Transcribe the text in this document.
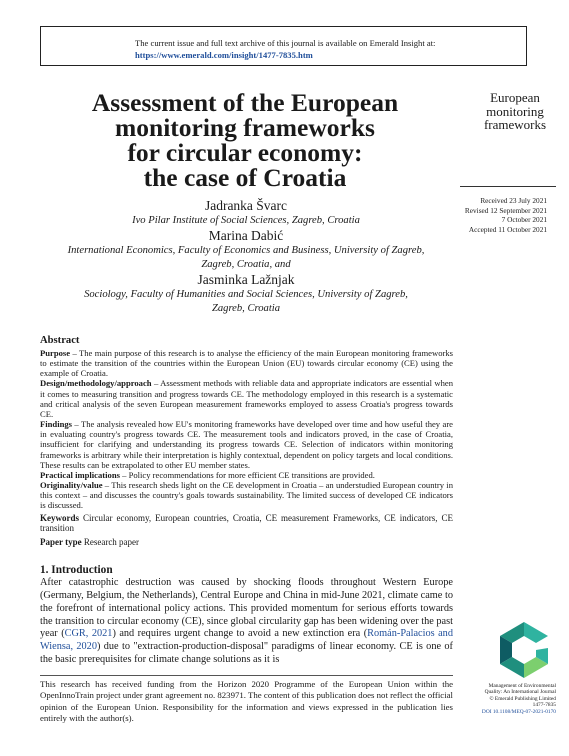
The current issue and full text archive of this journal is available on Emerald Insight at:
https://www.emerald.com/insight/1477-7835.htm
Assessment of the European
monitoring frameworks
for circular economy:
the case of Croatia
European
monitoring
frameworks
Received 23 July 2021
Revised 12 September 2021
7 October 2021
Accepted 11 October 2021
Jadranka Švarc
Ivo Pilar Institute of Social Sciences, Zagreb, Croatia
Marina Dabić
International Economics, Faculty of Economics and Business, University of Zagreb,
Zagreb, Croatia, and
Jasminka Lažnjak
Sociology, Faculty of Humanities and Social Sciences, University of Zagreb,
Zagreb, Croatia
Abstract

Purpose – The main purpose of this research is to analyse the efficiency of the main European monitoring frameworks to estimate the transition of the countries within the European Union (EU) towards circular economy (CE) using the example of Croatia.

Design/methodology/approach – Assessment methods with reliable data and appropriate indicators are essential when it comes to measuring transition and progress towards CE. The methodology employed in this research is a systematic and critical analysis of the seven European measurement frameworks employed to assess Croatia's progress towards CE.

Findings – The analysis revealed how EU's monitoring frameworks have developed over time and how useful they are in evaluating country's progress towards CE. The measurement tools and indicators proved, in the case of Croatia, insufficient for clarifying and understanding its progress towards CE. Selection of indicators within monitoring frameworks is arbitrary while their interpretation is highly contextual, dependent on policy targets and local conditions. These results can be extrapolated to other EU member states.

Practical implications – Policy recommendations for more efficient CE transitions are provided.

Originality/value – This research sheds light on the CE development in Croatia – an understudied European country in this context – and discusses the country's goals towards sustainability. The limited success of developed CE indicators is discussed.

Keywords Circular economy, European countries, Croatia, CE measurement Frameworks, CE indicators, CE transition

Paper type Research paper

1. Introduction

After catastrophic destruction was caused by shocking floods throughout Western Europe (Germany, Belgium, the Netherlands), Central Europe and China in mid-June 2021, climate came to the forefront of international policy actions. This provided momentum for serious efforts towards the transition to circular economy (CE), since global circularity gap has been widening over the past year (CGR, 2021) and requires urgent change to avoid a new extinction era (Román-Palacios and Wiensa, 2020) due to "extraction-production-disposal" paradigms of linear economy. CE is one of the basic prerequisites for climate change solutions as it is

This research has received funding from the Horizon 2020 Programme of the European Union within the OpenInnoTrain project under grant agreement no. 823971. The content of this publication does not reflect the official opinion of the European Union. Responsibility for the information and views expressed in the publication lies entirely with the author(s).

Management of Environmental
Quality: An International Journal
© Emerald Publishing Limited
1477-7835
DOI 10.1108/MEQ-07-2021-0170
